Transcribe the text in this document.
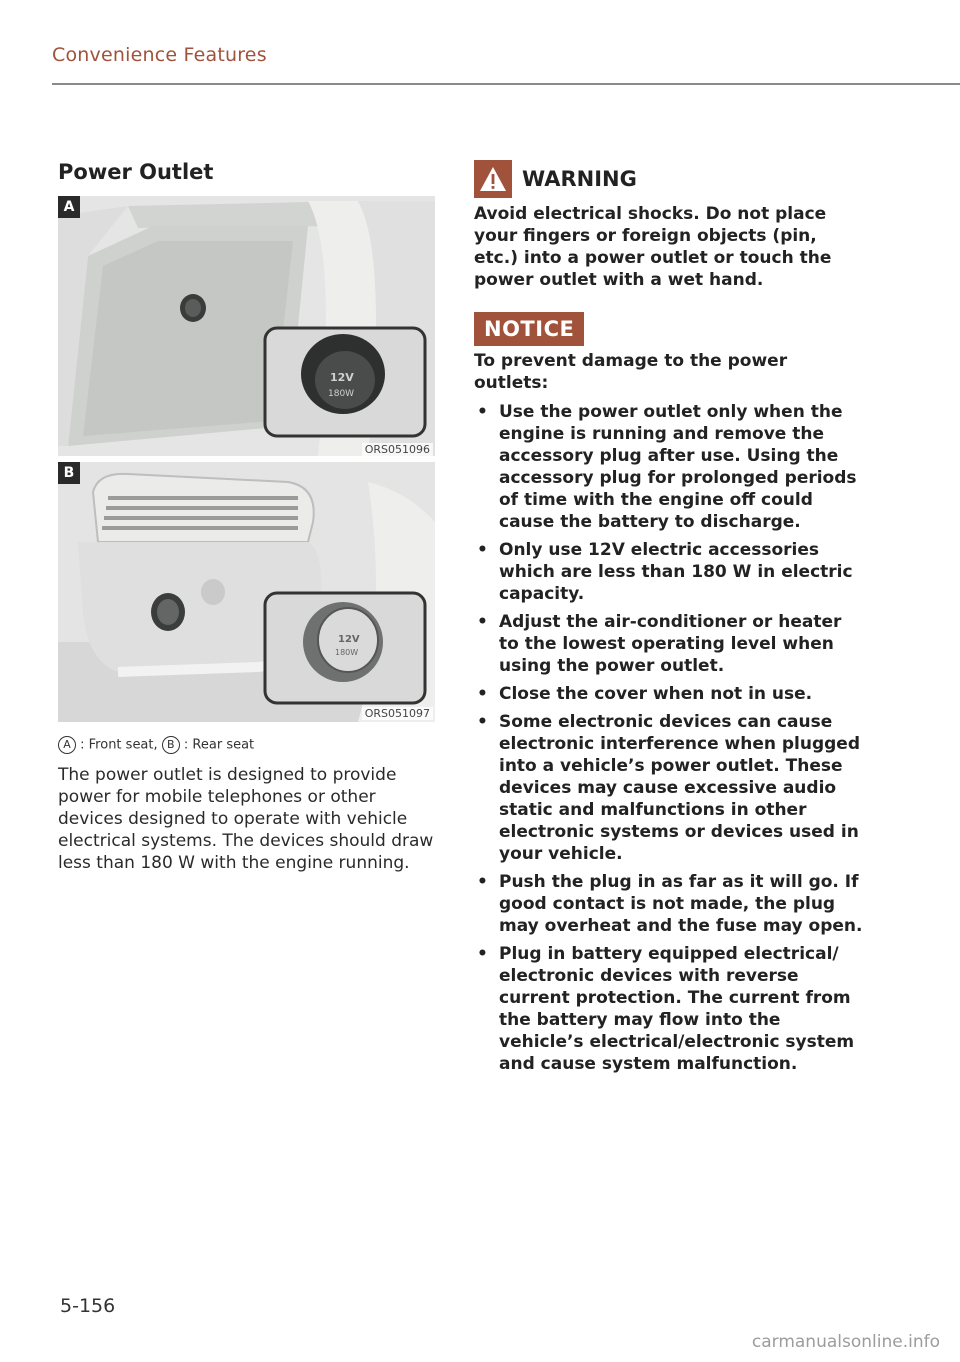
Convenience Features
Power Outlet
12V
180W
A
ORS051096
12V
180W
B
ORS051097
A : Front seat, B : Rear seat
The power outlet is designed to provide power for mobile telephones or other devices designed to operate with vehicle electrical systems. The devices should draw less than 180 W with the engine running.
WARNING
Avoid electrical shocks. Do not place your fingers or foreign objects (pin, etc.) into a power outlet or touch the power outlet with a wet hand.
NOTICE
To prevent damage to the power outlets:
• Use the power outlet only when the engine is running and remove the accessory plug after use. Using the accessory plug for prolonged periods of time with the engine off could cause the battery to discharge.
• Only use 12V electric accessories which are less than 180 W in electric capacity.
• Adjust the air-conditioner or heater to the lowest operating level when using the power outlet.
• Close the cover when not in use.
• Some electronic devices can cause electronic interference when plugged into a vehicle’s power outlet. These devices may cause excessive audio static and malfunctions in other electronic systems or devices used in your vehicle.
• Push the plug in as far as it will go. If good contact is not made, the plug may overheat and the fuse may open.
• Plug in battery equipped electrical/ electronic devices with reverse current protection. The current from the battery may flow into the vehicle’s electrical/electronic system and cause system malfunction.
5-156
carmanualsonline.info
